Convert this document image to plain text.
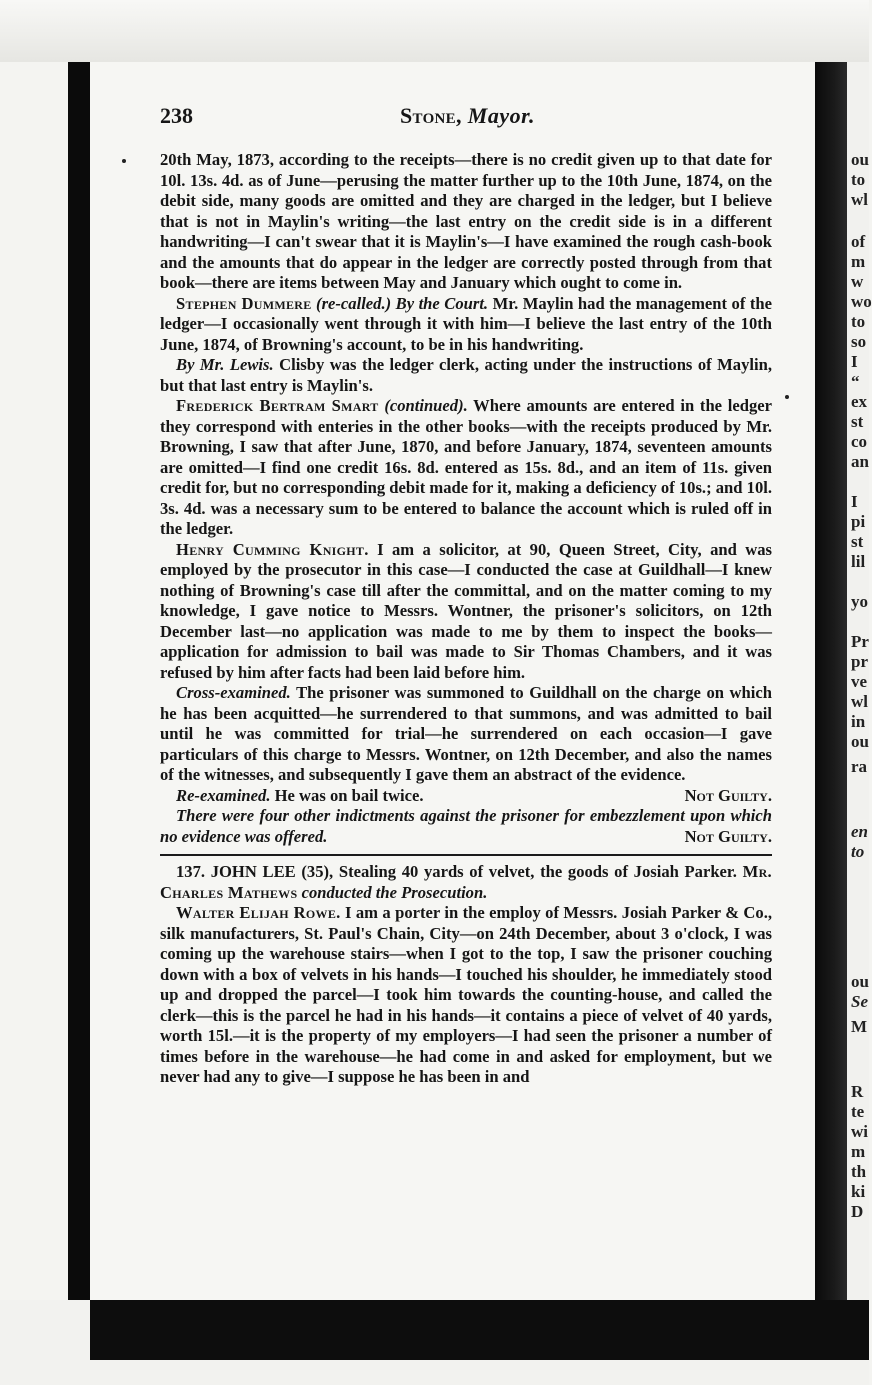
ou
to
wl
of
m
w
wo
to
so
I
“
ex
st
co
an
I
pi
st
lil
yo
Pr
pr
ve
wl
in
ou
ra
en
to
ou
Se
M
R
te
wi
m
th
ki
D
238	Stone, Mayor.

20th May, 1873, according to the receipts—there is no credit given up to that date for 10l. 13s. 4d. as of June—perusing the matter further up to the 10th June, 1874, on the debit side, many goods are omitted and they are charged in the ledger, but I believe that is not in Maylin's writing—the last entry on the credit side is in a different handwriting—I can't swear that it is Maylin's—I have examined the rough cash-book and the amounts that do appear in the ledger are correctly posted through from that book—there are items between May and January which ought to come in.

Stephen Dummere (re-called.) By the Court. Mr. Maylin had the management of the ledger—I occasionally went through it with him—I believe the last entry of the 10th June, 1874, of Browning's account, to be in his handwriting.

By Mr. Lewis. Clisby was the ledger clerk, acting under the instructions of Maylin, but that last entry is Maylin's.

Frederick Bertram Smart (continued). Where amounts are entered in the ledger they correspond with enteries in the other books—with the receipts produced by Mr. Browning, I saw that after June, 1870, and before January, 1874, seventeen amounts are omitted—I find one credit 16s. 8d. entered as 15s. 8d., and an item of 11s. given credit for, but no corresponding debit made for it, making a deficiency of 10s.; and 10l. 3s. 4d. was a necessary sum to be entered to balance the account which is ruled off in the ledger.

Henry Cumming Knight. I am a solicitor, at 90, Queen Street, City, and was employed by the prosecutor in this case—I conducted the case at Guildhall—I knew nothing of Browning's case till after the committal, and on the matter coming to my knowledge, I gave notice to Messrs. Wontner, the prisoner's solicitors, on 12th December last—no application was made to me by them to inspect the books—application for admission to bail was made to Sir Thomas Chambers, and it was refused by him after facts had been laid before him.

Cross-examined. The prisoner was summoned to Guildhall on the charge on which he has been acquitted—he surrendered to that summons, and was admitted to bail until he was committed for trial—he surrendered on each occasion—I gave particulars of this charge to Messrs. Wontner, on 12th December, and also the names of the witnesses, and subsequently I gave them an abstract of the evidence.

Re-examined. He was on bail twice.	Not Guilty.

There were four other indictments against the prisoner for embezzlement upon which no evidence was offered.	Not Guilty.

137. JOHN LEE (35), Stealing 40 yards of velvet, the goods of Josiah Parker. Mr. Charles Mathews conducted the Prosecution.

Walter Elijah Rowe. I am a porter in the employ of Messrs. Josiah Parker & Co., silk manufacturers, St. Paul's Chain, City—on 24th December, about 3 o'clock, I was coming up the warehouse stairs—when I got to the top, I saw the prisoner couching down with a box of velvets in his hands—I touched his shoulder, he immediately stood up and dropped the parcel—I took him towards the counting-house, and called the clerk—this is the parcel he had in his hands—it contains a piece of velvet of 40 yards, worth 15l.—it is the property of my employers—I had seen the prisoner a number of times before in the warehouse—he had come in and asked for employment, but we never had any to give—I suppose he has been in and
